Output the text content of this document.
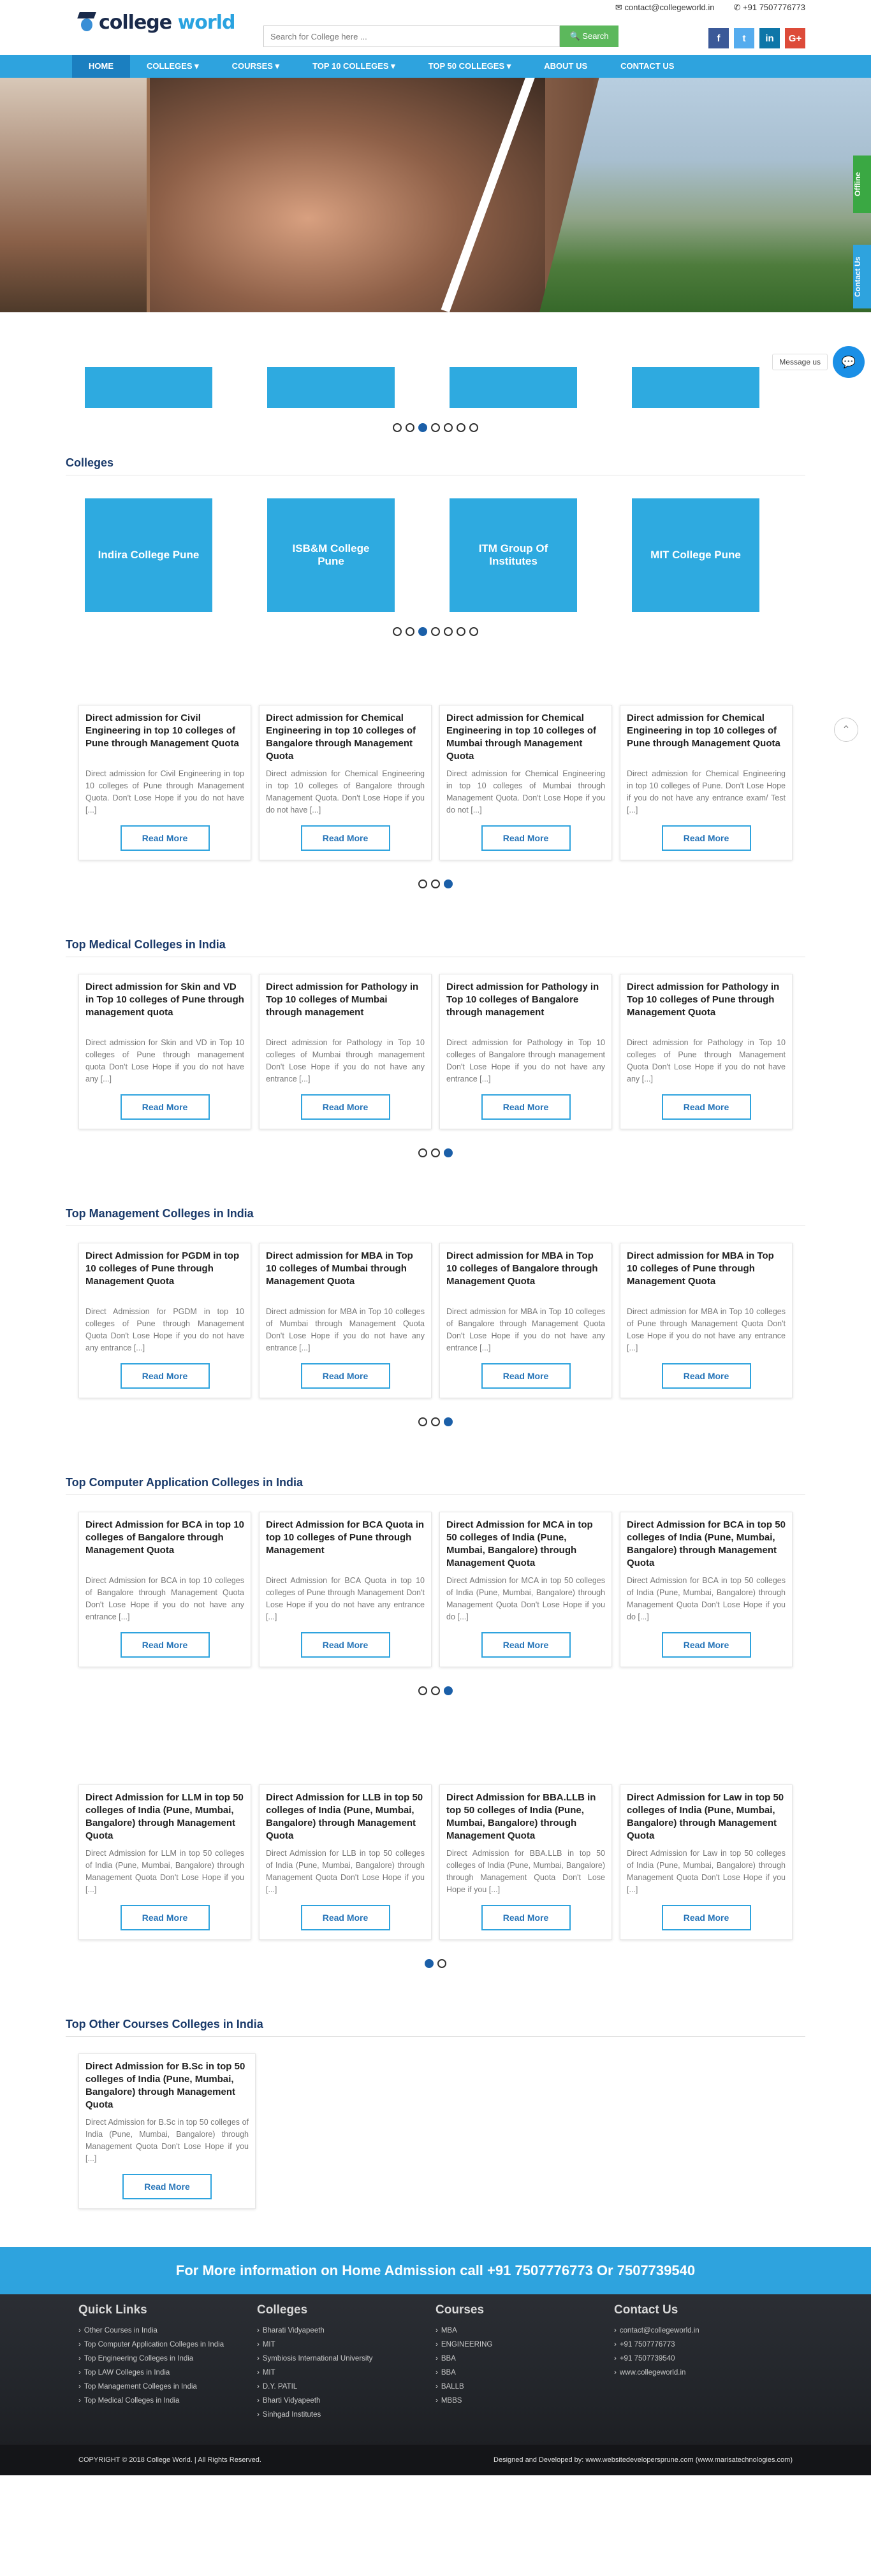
college world
✉ contact@collegeworld.in ✆ +91 7507776773
Search for College here ...
🔍 Search	f	t	in	G+
HOME	COLLEGES ▾	COURSES ▾	TOP 10 COLLEGES ▾	TOP 50 COLLEGES ▾	ABOUT US	CONTACT US
Offline
Contact Us
Message us	💬
Colleges
Indira College Pune
ISB&M College Pune
ITM Group Of Institutes
MIT College Pune
⌃
Direct admission for Civil Engineering in top 10 colleges of Pune through Management Quota

Direct admission for Civil Engineering in top 10 colleges of Pune through Management Quota. Don't Lose Hope if you do not have [...]

Read More
Direct admission for Chemical Engineering in top 10 colleges of Bangalore through Management Quota

Direct admission for Chemical Engineering in top 10 colleges of Bangalore through Management Quota. Don't Lose Hope if you do not have [...]

Read More
Direct admission for Chemical Engineering in top 10 colleges of Mumbai through Management Quota

Direct admission for Chemical Engineering in top 10 colleges of Mumbai through Management Quota. Don't Lose Hope if you do not [...]

Read More
Direct admission for Chemical Engineering in top 10 colleges of Pune through Management Quota

Direct admission for Chemical Engineering in top 10 colleges of Pune. Don't Lose Hope if you do not have any entrance exam/ Test [...]

Read More
Top Medical Colleges in India
Direct admission for Skin and VD in Top 10 colleges of Pune through management quota

Direct admission for Skin and VD in Top 10 colleges of Pune through management quota Don't Lose Hope if you do not have any [...]

Read More
Direct admission for Pathology in Top 10 colleges of Mumbai through management

Direct admission for Pathology in Top 10 colleges of Mumbai through management Don't Lose Hope if you do not have any entrance [...]

Read More
Direct admission for Pathology in Top 10 colleges of Bangalore through management

Direct admission for Pathology in Top 10 colleges of Bangalore through management Don't Lose Hope if you do not have any entrance [...]

Read More
Direct admission for Pathology in Top 10 colleges of Pune through Management Quota

Direct admission for Pathology in Top 10 colleges of Pune through Management Quota Don't Lose Hope if you do not have any [...]

Read More
Top Management Colleges in India
Direct Admission for PGDM in top 10 colleges of Pune through Management Quota

Direct Admission for PGDM in top 10 colleges of Pune through Management Quota Don't Lose Hope if you do not have any entrance [...]

Read More
Direct admission for MBA in Top 10 colleges of Mumbai through Management Quota

Direct admission for MBA in Top 10 colleges of Mumbai through Management Quota Don't Lose Hope if you do not have any entrance [...]

Read More
Direct admission for MBA in Top 10 colleges of Bangalore through Management Quota

Direct admission for MBA in Top 10 colleges of Bangalore through Management Quota Don't Lose Hope if you do not have any entrance [...]

Read More
Direct admission for MBA in Top 10 colleges of Pune through Management Quota

Direct admission for MBA in Top 10 colleges of Pune through Management Quota Don't Lose Hope if you do not have any entrance [...]

Read More
Top Computer Application Colleges in India
Direct Admission for BCA in top 10 colleges of Bangalore through Management Quota

Direct Admission for BCA in top 10 colleges of Bangalore through Management Quota Don't Lose Hope if you do not have any entrance [...]

Read More
Direct Admission for BCA Quota in top 10 colleges of Pune through Management

Direct Admission for BCA Quota in top 10 colleges of Pune through Management Don't Lose Hope if you do not have any entrance [...]

Read More
Direct Admission for MCA in top 50 colleges of India (Pune, Mumbai, Bangalore) through Management Quota

Direct Admission for MCA in top 50 colleges of India (Pune, Mumbai, Bangalore) through Management Quota Don't Lose Hope if you do [...]

Read More
Direct Admission for BCA in top 50 colleges of India (Pune, Mumbai, Bangalore) through Management Quota

Direct Admission for BCA in top 50 colleges of India (Pune, Mumbai, Bangalore) through Management Quota Don't Lose Hope if you do [...]

Read More
Direct Admission for LLM in top 50 colleges of India (Pune, Mumbai, Bangalore) through Management Quota

Direct Admission for LLM in top 50 colleges of India (Pune, Mumbai, Bangalore) through Management Quota Don't Lose Hope if you [...]

Read More
Direct Admission for LLB in top 50 colleges of India (Pune, Mumbai, Bangalore) through Management Quota

Direct Admission for LLB in top 50 colleges of India (Pune, Mumbai, Bangalore) through Management Quota Don't Lose Hope if you [...]

Read More
Direct Admission for BBA.LLB in top 50 colleges of India (Pune, Mumbai, Bangalore) through Management Quota

Direct Admission for BBA.LLB in top 50 colleges of India (Pune, Mumbai, Bangalore) through Management Quota Don't Lose Hope if you [...]

Read More
Direct Admission for Law in top 50 colleges of India (Pune, Mumbai, Bangalore) through Management Quota

Direct Admission for Law in top 50 colleges of India (Pune, Mumbai, Bangalore) through Management Quota Don't Lose Hope if you [...]

Read More
Top Other Courses Colleges in India
Direct Admission for B.Sc in top 50 colleges of India (Pune, Mumbai, Bangalore) through Management Quota

Direct Admission for B.Sc in top 50 colleges of India (Pune, Mumbai, Bangalore) through Management Quota Don't Lose Hope if you [...]

Read More
For More information on Home Admission call +91 7507776773 Or 7507739540
Quick Links
› Other Courses in India
› Top Computer Application Colleges in India
› Top Engineering Colleges in India
› Top LAW Colleges in India
› Top Management Colleges in India
› Top Medical Colleges in India
Colleges
› Bharati Vidyapeeth
› MIT
› Symbiosis International University
› MIT
› D.Y. PATIL
› Bharti Vidyapeeth
› Sinhgad Institutes
Courses
› MBA
› ENGINEERING
› BBA
› BBA
› BALLB
› MBBS
Contact Us
› contact@collegeworld.in
› +91 7507776773
› +91 7507739540
› www.collegeworld.in
COPYRIGHT © 2018 College World. | All Rights Reserved.	Designed and Developed by: www.websitedevelopersprune.com (www.marisatechnologies.com)
